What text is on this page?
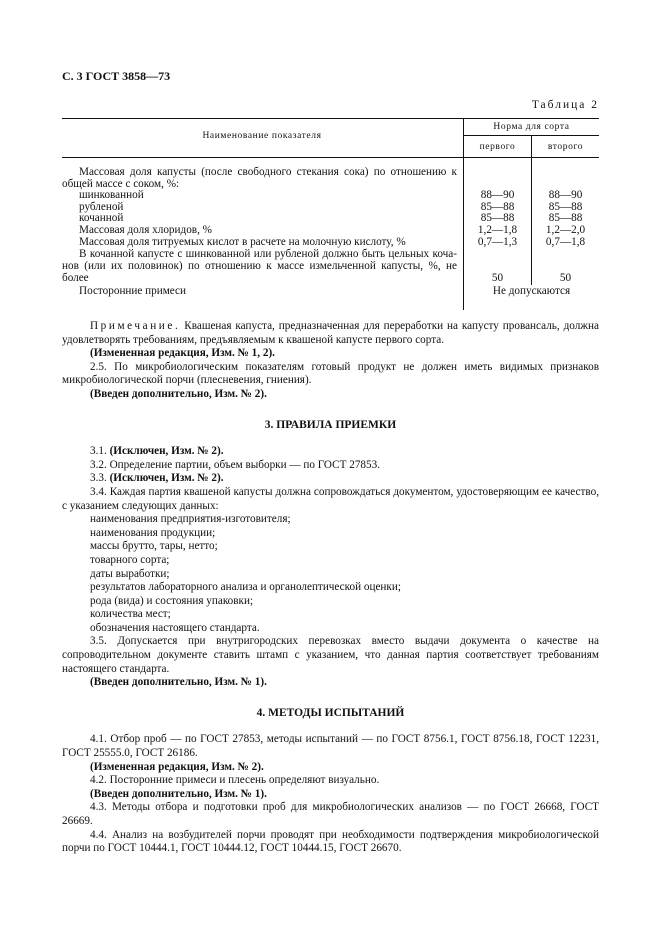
С. 3 ГОСТ 3858—73
Таблица 2
Наименование показателя
Норма для сорта
первого	второго
Массовая доля капусты (после свободного стекания сока) по отношению к
общей массе с соком, %:
шинкованной	88—90	88—90
рубленой	85—88	85—88
кочанной	85—88	85—88
Массовая доля хлоридов, %	1,2—1,8	1,2—2,0
Массовая доля титруемых кислот в расчете на молочную кислоту, %	0,7—1,3	0,7—1,8
В кочанной капусте с шинкованной или рубленой должно быть цельных коча-
нов (или их половинок) по отношению к массе измельченной капусты, %, не
более	50	50
Посторонние примеси	Не допускаются

Примечание. Квашеная капуста, предназначенная для переработки на капусту провансаль, должна удовлетворять требованиям, предъявляемым к квашеной капусте первого сорта.

(Измененная редакция, Изм. № 1, 2).

2.5. По микробиологическим показателям готовый продукт не должен иметь видимых признаков микробиологической порчи (плесневения, гниения).

(Введен дополнительно, Изм. № 2).

3. ПРАВИЛА ПРИЕМКИ

3.1. (Исключен, Изм. № 2).

3.2. Определение партии, объем выборки — по ГОСТ 27853.

3.3. (Исключен, Изм. № 2).

3.4. Каждая партия квашеной капусты должна сопровождаться документом, удостоверяющим ее качество, с указанием следующих данных:

наименования предприятия-изготовителя;

наименования продукции;

массы брутто, тары, нетто;

товарного сорта;

даты выработки;

результатов лабораторного анализа и органолептической оценки;

рода (вида) и состояния упаковки;

количества мест;

обозначения настоящего стандарта.

3.5. Допускается при внутригородских перевозках вместо выдачи документа о качестве на сопроводительном документе ставить штамп с указанием, что данная партия соответствует требованиям настоящего стандарта.

(Введен дополнительно, Изм. № 1).

4. МЕТОДЫ ИСПЫТАНИЙ

4.1. Отбор проб — по ГОСТ 27853, методы испытаний — по ГОСТ 8756.1, ГОСТ 8756.18, ГОСТ 12231, ГОСТ 25555.0, ГОСТ 26186.

(Измененная редакция, Изм. № 2).

4.2. Посторонние примеси и плесень определяют визуально.

(Введен дополнительно, Изм. № 1).

4.3. Методы отбора и подготовки проб для микробиологических анализов — по ГОСТ 26668, ГОСТ 26669.

4.4. Анализ на возбудителей порчи проводят при необходимости подтверждения микробиологической порчи по ГОСТ 10444.1, ГОСТ 10444.12, ГОСТ 10444.15, ГОСТ 26670.
